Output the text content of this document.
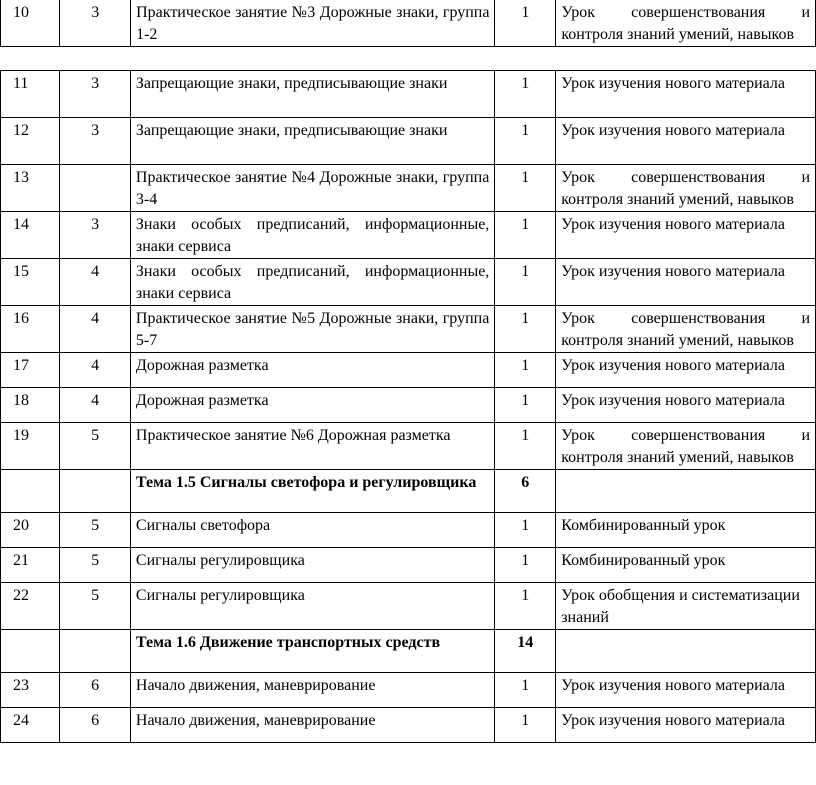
10	3	Практическое занятие №3 Дорожные знаки, группа 1-2	1	Урок совершенствования и
контроля знаний умений, навыков
11	3	Запрещающие знаки, предписывающие знаки	1	Урок изучения нового материала

12	3	Запрещающие знаки, предписывающие знаки	1	Урок изучения нового материала

13		Практическое занятие №4 Дорожные знаки, группа 3-4	1	Урок совершенствования и
контроля знаний умений, навыков

14	3	Знаки особых предписаний, информационные, знаки сервиса	1	Урок изучения нового материала

15	4	Знаки особых предписаний, информационные, знаки сервиса	1	Урок изучения нового материала

16	4	Практическое занятие №5 Дорожные знаки, группа 5-7	1	Урок совершенствования и
контроля знаний умений, навыков

17	4	Дорожная разметка	1	Урок изучения нового материала

18	4	Дорожная разметка	1	Урок изучения нового материала

19	5	Практическое занятие №6 Дорожная разметка	1	Урок совершенствования и
контроля знаний умений, навыков

		Тема 1.5 Сигналы светофора и регулировщика	6	
20	5	Сигналы светофора	1	Комбинированный урок

21	5	Сигналы регулировщика	1	Комбинированный урок

22	5	Сигналы регулировщика	1	Урок обобщения и систематизации
знаний

		Тема 1.6 Движение транспортных средств	14	
23	6	Начало движения, маневрирование	1	Урок изучения нового материала

24	6	Начало движения, маневрирование	1	Урок изучения нового материала
